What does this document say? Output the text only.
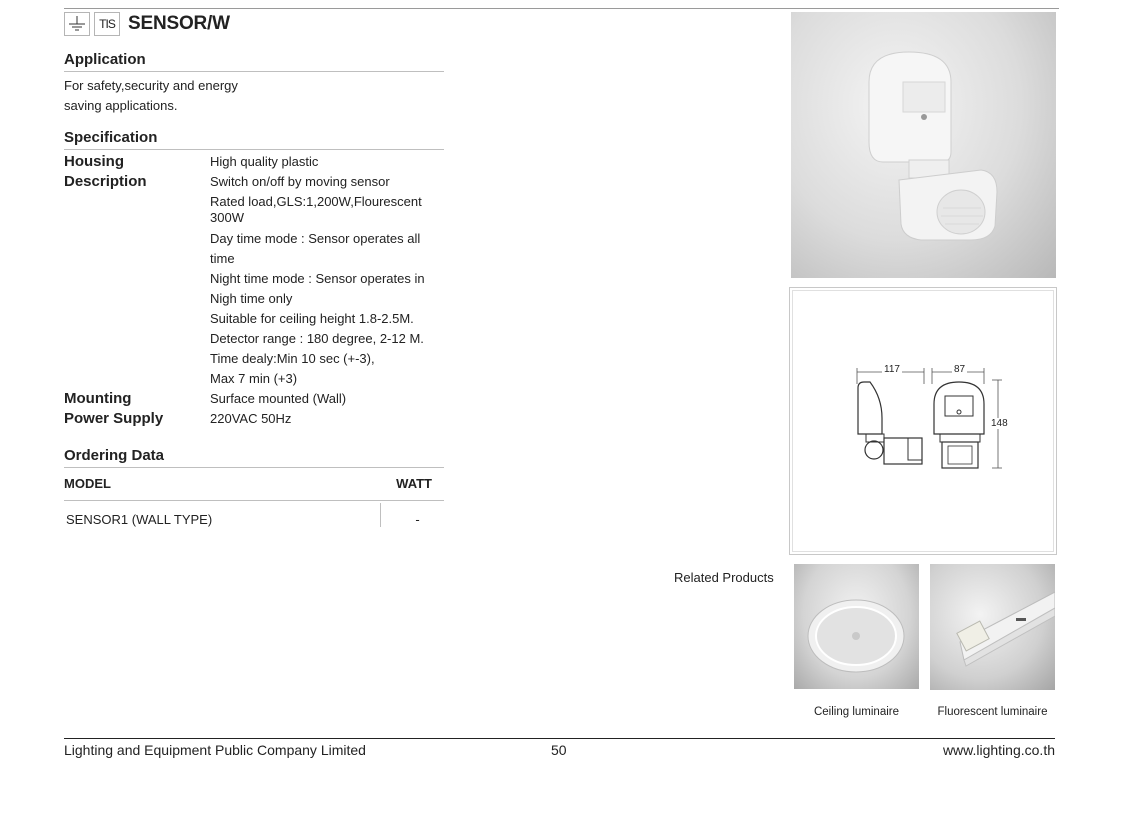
TIS SENSOR/W
Application
For safety,security and energy
saving applications.
Specification
Housing	High quality plastic
Description	Switch on/off by moving sensor
Rated load,GLS:1,200W,Flourescent
300W
Day time mode : Sensor operates all time
Night time mode : Sensor operates in
Nigh time only
Suitable for ceiling height 1.8-2.5M.
Detector range : 180 degree, 2-12 M.
Time dealy:Min 10 sec (+-3),
Max 7 min (+3)
Mounting	Surface mounted (Wall)
Power Supply	220VAC 50Hz
Ordering Data
MODEL	WATT
SENSOR1 (WALL TYPE)	-
117	87
148
Related Products
Ceiling luminaire	Fluorescent luminaire
Lighting and Equipment Public Company Limited	50	www.lighting.co.th
